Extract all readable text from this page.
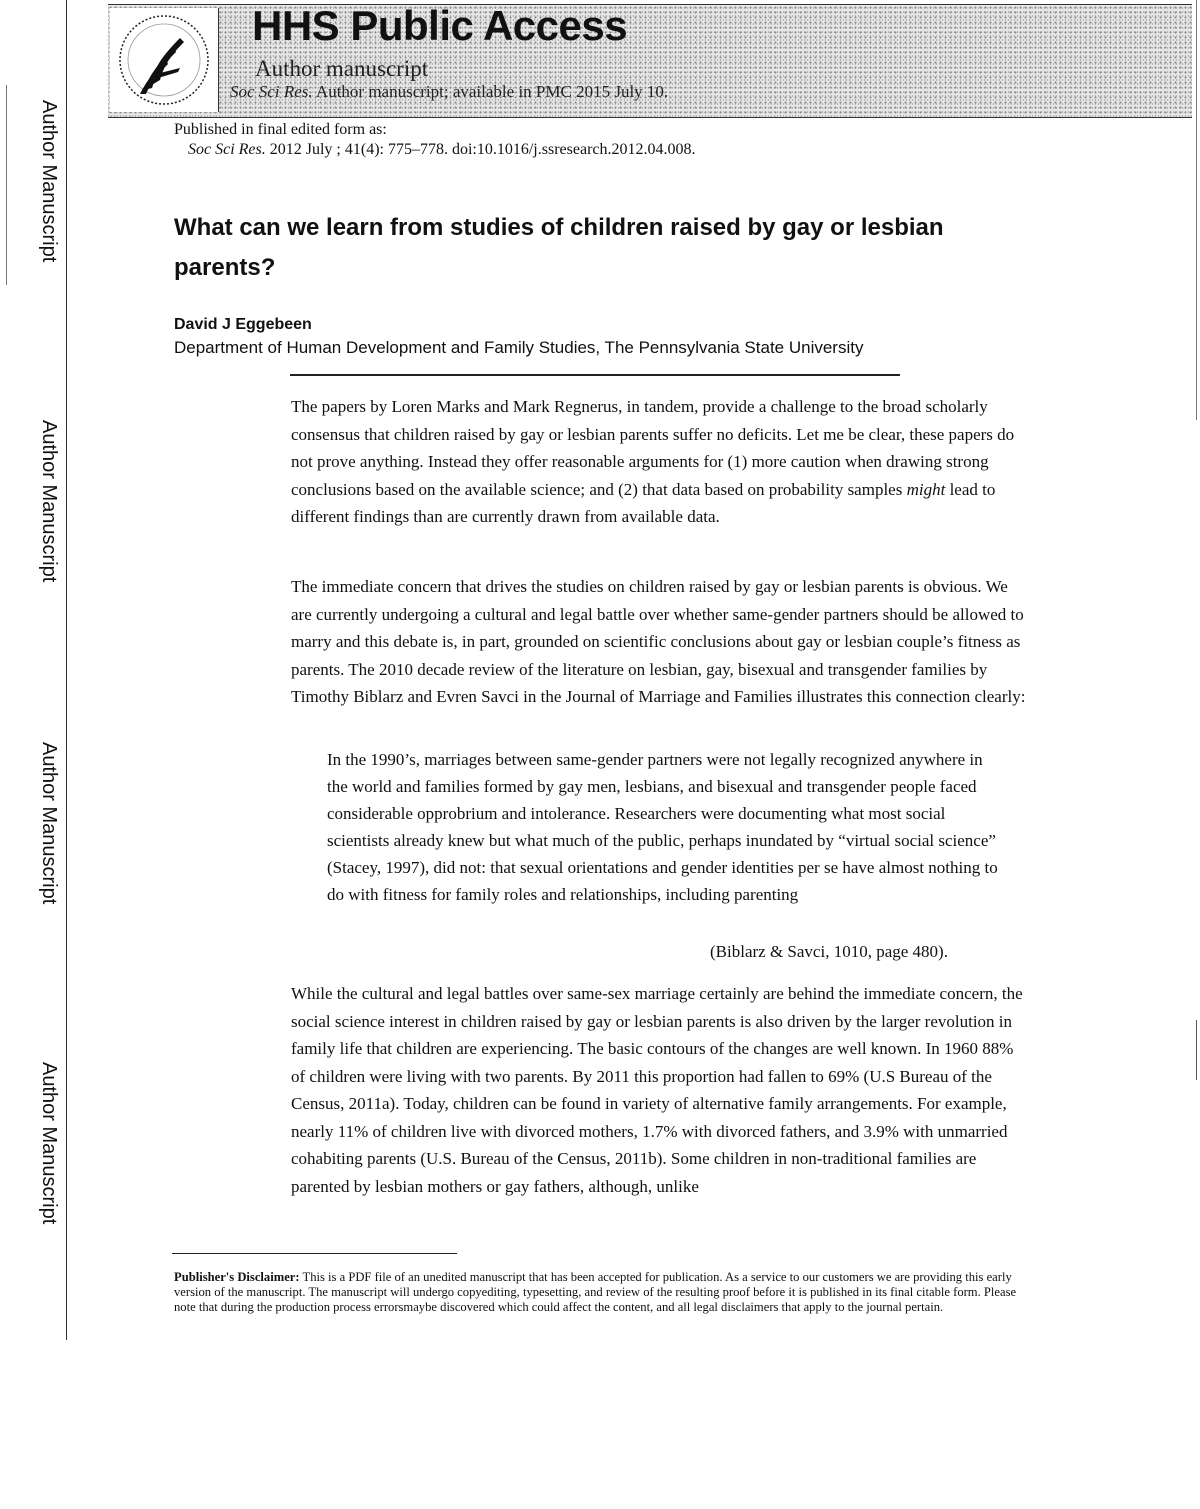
HHS Public Access
Author manuscript
Soc Sci Res. Author manuscript; available in PMC 2015 July 10.
Author Manuscript
Author Manuscript
Author Manuscript
Author Manuscript
Published in final edited form as:
Soc Sci Res. 2012 July ; 41(4): 775–778. doi:10.1016/j.ssresearch.2012.04.008.
What can we learn from studies of children raised by gay or lesbian parents?
David J Eggebeen
Department of Human Development and Family Studies, The Pennsylvania State University
The papers by Loren Marks and Mark Regnerus, in tandem, provide a challenge to the broad scholarly consensus that children raised by gay or lesbian parents suffer no deficits. Let me be clear, these papers do not prove anything. Instead they offer reasonable arguments for (1) more caution when drawing strong conclusions based on the available science; and (2) that data based on probability samples might lead to different findings than are currently drawn from available data.
The immediate concern that drives the studies on children raised by gay or lesbian parents is obvious. We are currently undergoing a cultural and legal battle over whether same-gender partners should be allowed to marry and this debate is, in part, grounded on scientific conclusions about gay or lesbian couple’s fitness as parents. The 2010 decade review of the literature on lesbian, gay, bisexual and transgender families by Timothy Biblarz and Evren Savci in the Journal of Marriage and Families illustrates this connection clearly:
In the 1990’s, marriages between same-gender partners were not legally recognized anywhere in the world and families formed by gay men, lesbians, and bisexual and transgender people faced considerable opprobrium and intolerance. Researchers were documenting what most social scientists already knew but what much of the public, perhaps inundated by “virtual social science” (Stacey, 1997), did not: that sexual orientations and gender identities per se have almost nothing to do with fitness for family roles and relationships, including parenting
(Biblarz & Savci, 1010, page 480).
While the cultural and legal battles over same-sex marriage certainly are behind the immediate concern, the social science interest in children raised by gay or lesbian parents is also driven by the larger revolution in family life that children are experiencing. The basic contours of the changes are well known. In 1960 88% of children were living with two parents. By 2011 this proportion had fallen to 69% (U.S Bureau of the Census, 2011a). Today, children can be found in variety of alternative family arrangements. For example, nearly 11% of children live with divorced mothers, 1.7% with divorced fathers, and 3.9% with unmarried cohabiting parents (U.S. Bureau of the Census, 2011b). Some children in non-traditional families are parented by lesbian mothers or gay fathers, although, unlike
Publisher's Disclaimer: This is a PDF file of an unedited manuscript that has been accepted for publication. As a service to our customers we are providing this early version of the manuscript. The manuscript will undergo copyediting, typesetting, and review of the resulting proof before it is published in its final citable form. Please note that during the production process errorsmaybe discovered which could affect the content, and all legal disclaimers that apply to the journal pertain.
